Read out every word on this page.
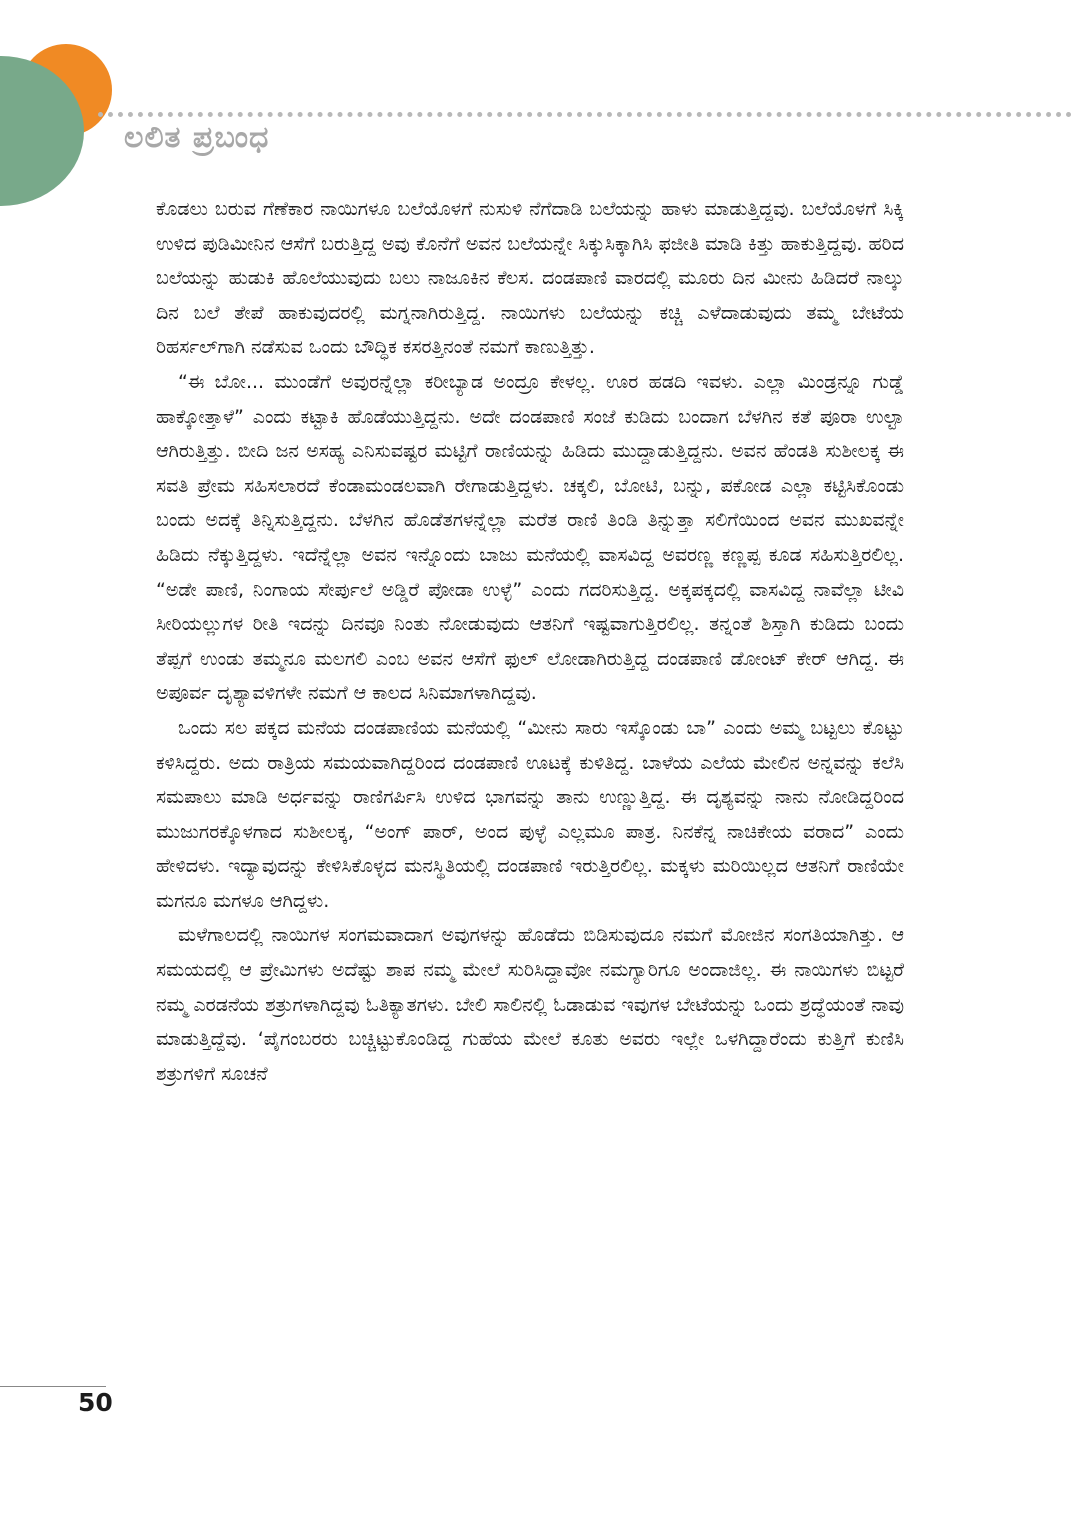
ಲಲಿತ ಪ್ರಬಂಧ

ಕೊಡಲು ಬರುವ ಗೆಣೆಕಾರ ನಾಯಿಗಳೂ ಬಲೆಯೊಳಗೆ ನುಸುಳಿ ನೆಗೆದಾಡಿ ಬಲೆಯನ್ನು ಹಾಳು ಮಾಡುತ್ತಿದ್ದವು. ಬಲೆಯೊಳಗೆ ಸಿಕ್ಕಿ ಉಳಿದ ಪುಡಿಮೀನಿನ ಆಸೆಗೆ ಬರುತ್ತಿದ್ದ ಅವು ಕೊನೆಗೆ ಅವನ ಬಲೆಯನ್ನೇ ಸಿಕ್ಕುಸಿಕ್ಕಾಗಿಸಿ ಫಜೀತಿ ಮಾಡಿ ಕಿತ್ತು ಹಾಕುತ್ತಿದ್ದವು. ಹರಿದ ಬಲೆಯನ್ನು ಹುಡುಕಿ ಹೊಲೆಯುವುದು ಬಲು ನಾಜೂಕಿನ ಕೆಲಸ. ದಂಡಪಾಣಿ ವಾರದಲ್ಲಿ ಮೂರು ದಿನ ಮೀನು ಹಿಡಿದರೆ ನಾಲ್ಕು ದಿನ ಬಲೆ ತೇಪೆ ಹಾಕುವುದರಲ್ಲಿ ಮಗ್ನನಾಗಿರುತ್ತಿದ್ದ. ನಾಯಿಗಳು ಬಲೆಯನ್ನು ಕಚ್ಚಿ ಎಳೆದಾಡುವುದು ತಮ್ಮ ಬೇಟೆಯ ರಿಹರ್ಸಲ್‌ಗಾಗಿ ನಡೆಸುವ ಒಂದು ಬೌದ್ಧಿಕ ಕಸರತ್ತಿನಂತೆ ನಮಗೆ ಕಾಣುತ್ತಿತ್ತು.

“ಈ ಬೋ... ಮುಂಡೆಗೆ ಅವುರನ್ನೆಲ್ಲಾ ಕರೀಬ್ಯಾಡ ಅಂದ್ರೂ ಕೇಳಲ್ಲ. ಊರ ಹಡದಿ ಇವಳು. ಎಲ್ಲಾ ಮಿಂಡ್ರನ್ನೂ ಗುಡ್ಡೆ ಹಾಕ್ಕೋತ್ತಾಳೆ” ಎಂದು ಕಟ್ಟಾಕಿ ಹೊಡೆಯುತ್ತಿದ್ದನು. ಅದೇ ದಂಡಪಾಣಿ ಸಂಜೆ ಕುಡಿದು ಬಂದಾಗ ಬೆಳಗಿನ ಕತೆ ಪೂರಾ ಉಲ್ಟಾ ಆಗಿರುತ್ತಿತ್ತು. ಬೀದಿ ಜನ ಅಸಹ್ಯ ಎನಿಸುವಷ್ಟರ ಮಟ್ಟಿಗೆ ರಾಣಿಯನ್ನು ಹಿಡಿದು ಮುದ್ದಾಡುತ್ತಿದ್ದನು. ಅವನ ಹೆಂಡತಿ ಸುಶೀಲಕ್ಕ ಈ ಸವತಿ ಪ್ರೇಮ ಸಹಿಸಲಾರದೆ ಕೆಂಡಾಮಂಡಲವಾಗಿ ರೇಗಾಡುತ್ತಿದ್ದಳು. ಚಕ್ಕಲಿ, ಬೋಟಿ, ಬನ್ನು, ಪಕೋಡ ಎಲ್ಲಾ ಕಟ್ಟಿಸಿಕೊಂಡು ಬಂದು ಅದಕ್ಕೆ ತಿನ್ನಿಸುತ್ತಿದ್ದನು. ಬೆಳಗಿನ ಹೊಡೆತಗಳನ್ನೆಲ್ಲಾ ಮರೆತ ರಾಣಿ ತಿಂಡಿ ತಿನ್ನುತ್ತಾ ಸಲಿಗೆಯಿಂದ ಅವನ ಮುಖವನ್ನೇ ಹಿಡಿದು ನೆಕ್ಕುತ್ತಿದ್ದಳು. ಇದೆನ್ನೆಲ್ಲಾ ಅವನ ಇನ್ನೊಂದು ಬಾಜು ಮನೆಯಲ್ಲಿ ವಾಸವಿದ್ದ ಅವರಣ್ಣ ಕಣ್ಣಪ್ಪ ಕೂಡ ಸಹಿಸುತ್ತಿರಲಿಲ್ಲ. “ಅಡೇ ಪಾಣಿ, ನಿಂಗಾಯ ಸೇರ್ಪುಲೆ ಅಡ್ಡಿರೆ ಪೋಡಾ ಉಳ್ಳೆ” ಎಂದು ಗದರಿಸುತ್ತಿದ್ದ. ಅಕ್ಕಪಕ್ಕದಲ್ಲಿ ವಾಸವಿದ್ದ ನಾವೆಲ್ಲಾ ಟೀವಿ ಸೀರಿಯಲ್ಲುಗಳ ರೀತಿ ಇದನ್ನು ದಿನವೂ ನಿಂತು ನೋಡುವುದು ಆತನಿಗೆ ಇಷ್ಟವಾಗುತ್ತಿರಲಿಲ್ಲ. ತನ್ನಂತೆ ಶಿಸ್ತಾಗಿ ಕುಡಿದು ಬಂದು ತೆಪ್ಪಗೆ ಉಂಡು ತಮ್ಮನೂ ಮಲಗಲಿ ಎಂಬ ಅವನ ಆಸೆಗೆ ಫುಲ್ ಲೋಡಾಗಿರುತ್ತಿದ್ದ ದಂಡಪಾಣಿ ಡೋಂಟ್ ಕೇರ್ ಆಗಿದ್ದ. ಈ ಅಪೂರ್ವ ದೃಶ್ಯಾವಳಿಗಳೇ ನಮಗೆ ಆ ಕಾಲದ ಸಿನಿಮಾಗಳಾಗಿದ್ದವು.

ಒಂದು ಸಲ ಪಕ್ಕದ ಮನೆಯ ದಂಡಪಾಣಿಯ ಮನೆಯಲ್ಲಿ “ಮೀನು ಸಾರು ಇಸ್ಕೊಂಡು ಬಾ” ಎಂದು ಅಮ್ಮ ಬಟ್ಟಲು ಕೊಟ್ಟು ಕಳಿಸಿದ್ದರು. ಅದು ರಾತ್ರಿಯ ಸಮಯವಾಗಿದ್ದರಿಂದ ದಂಡಪಾಣಿ ಊಟಕ್ಕೆ ಕುಳಿತಿದ್ದ. ಬಾಳೆಯ ಎಲೆಯ ಮೇಲಿನ ಅನ್ನವನ್ನು ಕಲೆಸಿ ಸಮಪಾಲು ಮಾಡಿ ಅರ್ಧವನ್ನು ರಾಣಿಗರ್ಪಿಸಿ ಉಳಿದ ಭಾಗವನ್ನು ತಾನು ಉಣ್ಣುತ್ತಿದ್ದ. ಈ ದೃಶ್ಯವನ್ನು ನಾನು ನೋಡಿದ್ದರಿಂದ ಮುಜುಗರಕ್ಕೊಳಗಾದ ಸುಶೀಲಕ್ಕ, “ಅಂಗ್ ಪಾರ್, ಅಂದ ಪುಳ್ಳೆ ಎಲ್ಲಮೂ ಪಾತ್ರ. ನಿನಕೆನ್ನ ನಾಚಿಕೇಯ ವರಾದ” ಎಂದು ಹೇಳಿದಳು. ಇದ್ಯಾವುದನ್ನು ಕೇಳಿಸಿಕೊಳ್ಳದ ಮನಸ್ಥಿತಿಯಲ್ಲಿ ದಂಡಪಾಣಿ ಇರುತ್ತಿರಲಿಲ್ಲ. ಮಕ್ಕಳು ಮರಿಯಿಲ್ಲದ ಆತನಿಗೆ ರಾಣಿಯೇ ಮಗನೂ ಮಗಳೂ ಆಗಿದ್ದಳು.

ಮಳೆಗಾಲದಲ್ಲಿ ನಾಯಿಗಳ ಸಂಗಮವಾದಾಗ ಅವುಗಳನ್ನು ಹೊಡೆದು ಬಿಡಿಸುವುದೂ ನಮಗೆ ಮೋಜಿನ ಸಂಗತಿಯಾಗಿತ್ತು. ಆ ಸಮಯದಲ್ಲಿ ಆ ಪ್ರೇಮಿಗಳು ಅದೆಷ್ಟು ಶಾಪ ನಮ್ಮ ಮೇಲೆ ಸುರಿಸಿದ್ದಾವೋ ನಮಗ್ಯಾರಿಗೂ ಅಂದಾಜಿಲ್ಲ. ಈ ನಾಯಿಗಳು ಬಿಟ್ಟರೆ ನಮ್ಮ ಎರಡನೆಯ ಶತ್ರುಗಳಾಗಿದ್ದವು ಓತಿಕ್ಯಾತಗಳು. ಬೇಲಿ ಸಾಲಿನಲ್ಲಿ ಓಡಾಡುವ ಇವುಗಳ ಬೇಟೆಯನ್ನು ಒಂದು ಶ್ರದ್ಧೆಯಂತೆ ನಾವು ಮಾಡುತ್ತಿದ್ದೆವು. ‘ಪೈಗಂಬರರು ಬಚ್ಚಿಟ್ಟುಕೊಂಡಿದ್ದ ಗುಹೆಯ ಮೇಲೆ ಕೂತು ಅವರು ಇಲ್ಲೇ ಒಳಗಿದ್ದಾರೆಂದು ಕುತ್ತಿಗೆ ಕುಣಿಸಿ ಶತ್ರುಗಳಿಗೆ ಸೂಚನೆ

50
